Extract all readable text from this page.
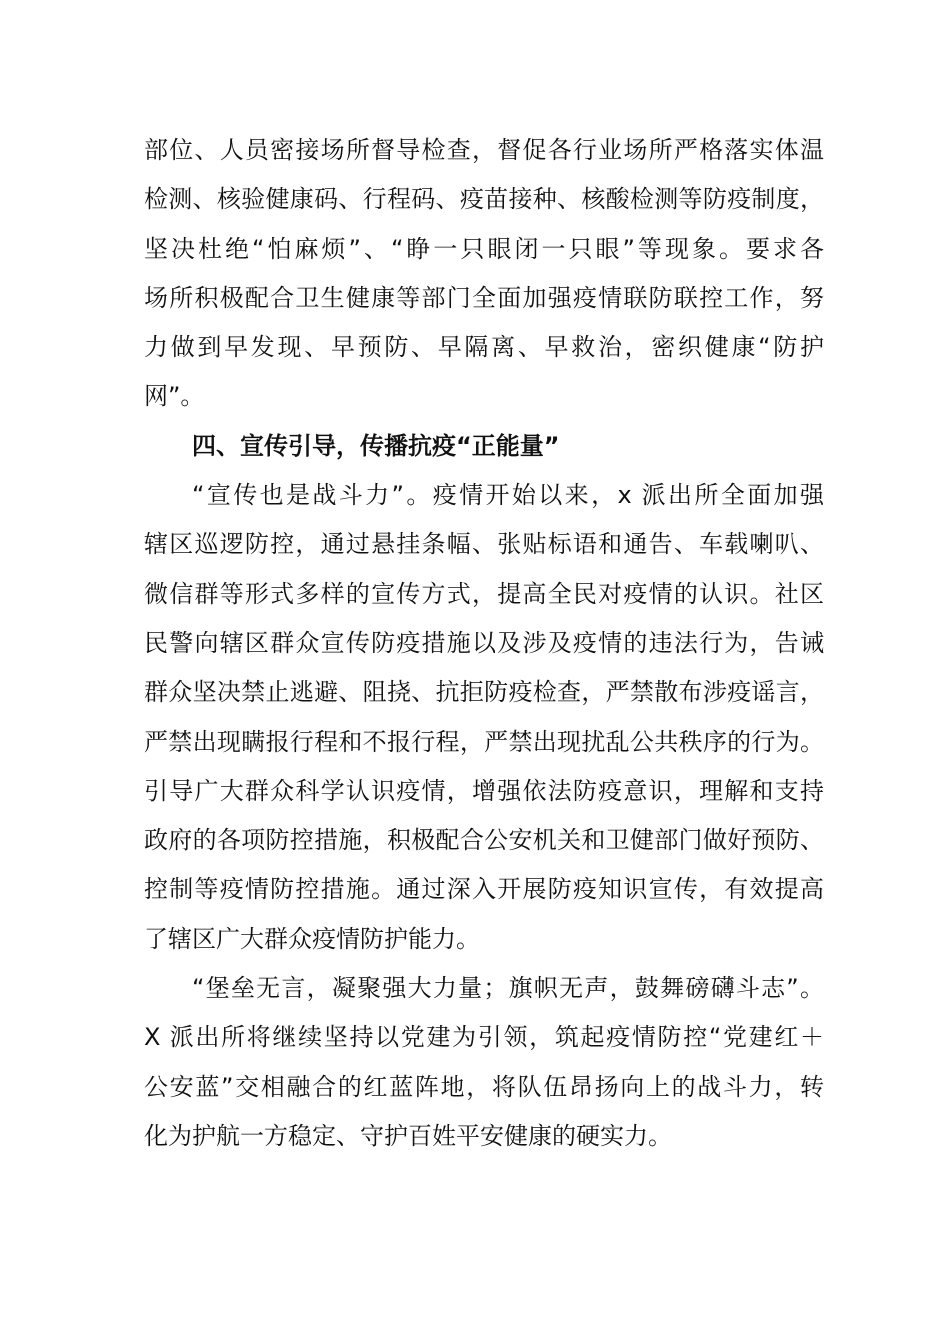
部位、人员密接场所督导检查，督促各行业场所严格落实体温
检测、核验健康码、行程码、疫苗接种、核酸检测等防疫制度，
坚决杜绝“怕麻烦”、“睁一只眼闭一只眼”等现象。要求各
场所积极配合卫生健康等部门全面加强疫情联防联控工作，努
力做到早发现、早预防、早隔离、早救治，密织健康“防护
网”。
四、宣传引导，传播抗疫“正能量”
“宣传也是战斗力”。疫情开始以来，x 派出所全面加强
辖区巡逻防控，通过悬挂条幅、张贴标语和通告、车载喇叭、
微信群等形式多样的宣传方式，提高全民对疫情的认识。社区
民警向辖区群众宣传防疫措施以及涉及疫情的违法行为，告诫
群众坚决禁止逃避、阻挠、抗拒防疫检查，严禁散布涉疫谣言，
严禁出现瞒报行程和不报行程，严禁出现扰乱公共秩序的行为。
引导广大群众科学认识疫情，增强依法防疫意识，理解和支持
政府的各项防控措施，积极配合公安机关和卫健部门做好预防、
控制等疫情防控措施。通过深入开展防疫知识宣传，有效提高
了辖区广大群众疫情防护能力。
“堡垒无言，凝聚强大力量；旗帜无声，鼓舞磅礴斗志”。
X 派出所将继续坚持以党建为引领，筑起疫情防控“党建红＋
公安蓝”交相融合的红蓝阵地，将队伍昂扬向上的战斗力，转
化为护航一方稳定、守护百姓平安健康的硬实力。
